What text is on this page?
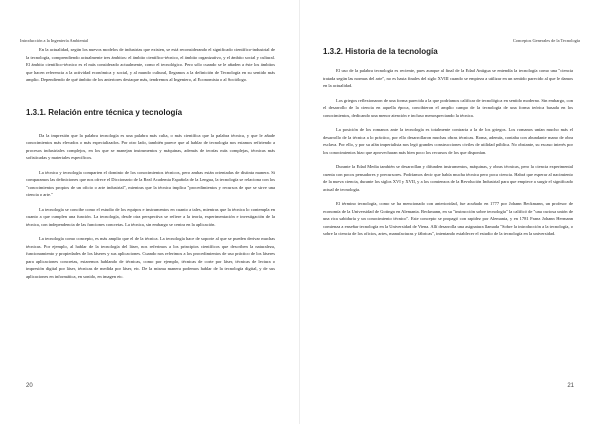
Introducción a la Ingeniería Ambiental

En la actualidad, según los nuevos modelos de industrias que existen, se está reconsiderando el significado científico-industrial de la tecnología, comprendiendo actualmente tres ámbitos: el ámbito científico-técnico, el ámbito organizativo, y el ámbito social y cultural. El ámbito científico-técnico es el más considerado actualmente, como el tecnológico. Pero sólo cuando se le añaden a éste los ámbitos que hacen referencia a la actividad económica y social, y al mundo cultural, llegamos a la definición de Tecnología en su sentido más amplio. Dependiendo de qué ámbito de los anteriores destaque más, tendremos al Ingeniero, al Economista o al Sociólogo.

1.3.1. Relación entre técnica y tecnología

Da la impresión que la palabra tecnología es una palabra más culta, o más científica que la palabra técnica, y que le añade conocimientos más elevados o más especializados. Por otro lado, también parece que al hablar de tecnología nos estamos refiriendo a procesos industriales complejos, en los que se manejan instrumentos y máquinas, además de teorías más complejas, técnicas más sofisticadas y materiales específicos.

La técnica y tecnología comparten el dominio de los conocimientos técnicos, pero ambas están orientadas de distinta manera. Si comparamos las definiciones que nos ofrece el Diccionario de la Real Academia Española de la Lengua, la tecnología se relaciona con los "conocimientos propios de un oficio o arte industrial", mientras que la técnica implica "procedimientos y recursos de que se sirve una ciencia o arte."

La tecnología se concibe como el estudio de los equipos e instrumentos en cuanto a tales, mientras que la técnica lo contempla en cuanto a que cumplen una función. La tecnología, desde otra perspectiva se refiere a la teoría, experimentación e investigación de la técnica, con independencia de las funciones concretas. La técnica, sin embargo se centra en la aplicación.

La tecnología como concepto, es más amplio que el de la técnica. La tecnología hace de soporte al que se pueden derivar muchas técnicas. Por ejemplo, al hablar de la tecnología del láser, nos referimos a los principios científicos que describen la naturaleza, funcionamiento y propiedades de los láseres y sus aplicaciones. Cuando nos referimos a los procedimientos de uso práctico de los láseres para aplicaciones concretas, estaremos hablando de técnicas, como por ejemplo, técnicas de corte por láser, técnicas de lectura o impresión digital por láser, técnicas de medida por láser, etc. De la misma manera podemos hablar de la tecnología digital, y de sus aplicaciones en informática, en sonido, en imagen etc.

20
Conceptos Generales de la Tecnología
1.3.2. Historia de la tecnología

El uso de la palabra tecnología es reciente, pues aunque al final de la Edad Antigua se entendía la tecnología como una "ciencia tratada según las normas del arte", no es hasta finales del siglo XVIII cuando se empieza a utilizar en un sentido parecido al que le damos en la actualidad.

Los griegos reflexionaron de una forma parecida a la que podríamos calificar de tecnológica en sentido moderno. Sin embargo, con el desarrollo de la ciencia en aquella época, concibieron el amplio campo de la tecnología de una forma teórica basada en los conocimientos, dedicando una menor atención e incluso menospreciando la técnica.

La posición de los romanos ante la tecnología es totalmente contraria a la de los griegos. Los romanos unían mucho más el desarrollo de la técnica a lo práctico, por ello desarrollaron muchas obras técnicas. Roma, además, contaba con abundante mano de obra esclava. Por ello, y por su afán imperialista nos legó grandes construcciones civiles de utilidad pública. No obstante, su escaso interés por los conocimientos hizo que aprovecharan más bien poco los recursos de los que disponían.

Durante la Edad Media también se desarrollan y difunden instrumentos, máquinas, y obras técnicas, pero la ciencia experimental cuenta con pocos pensadores y precursores. Podríamos decir que había mucha técnica pero poca ciencia. Habrá que esperar al nacimiento de la nueva ciencia, durante los siglos XVI y XVII, y a los comienzos de la Revolución Industrial para que empiece a surgir el significado actual de tecnología.

El término tecnología, como se ha mencionado con anterioridad, fue acuñado en 1777 por Johann Beckmann, un profesor de economía de la Universidad de Gotinga en Alemania. Beckmann, en su "instrucción sobre tecnología" la calificó de "una curiosa unión de una rica sabiduría y un conocimiento técnico". Este concepto se propagó con rapidez por Alemania, y en 1781 Franz Johann Hermann comienza a enseñar tecnología en la Universidad de Viena. Allí desarrolla una asignatura llamada "Sobre la introducción a la tecnología, o sobre la ciencia de los oficios, artes, manufacturas y fábricas", intentando establecer el estudio de la tecnología en la universidad.

21
